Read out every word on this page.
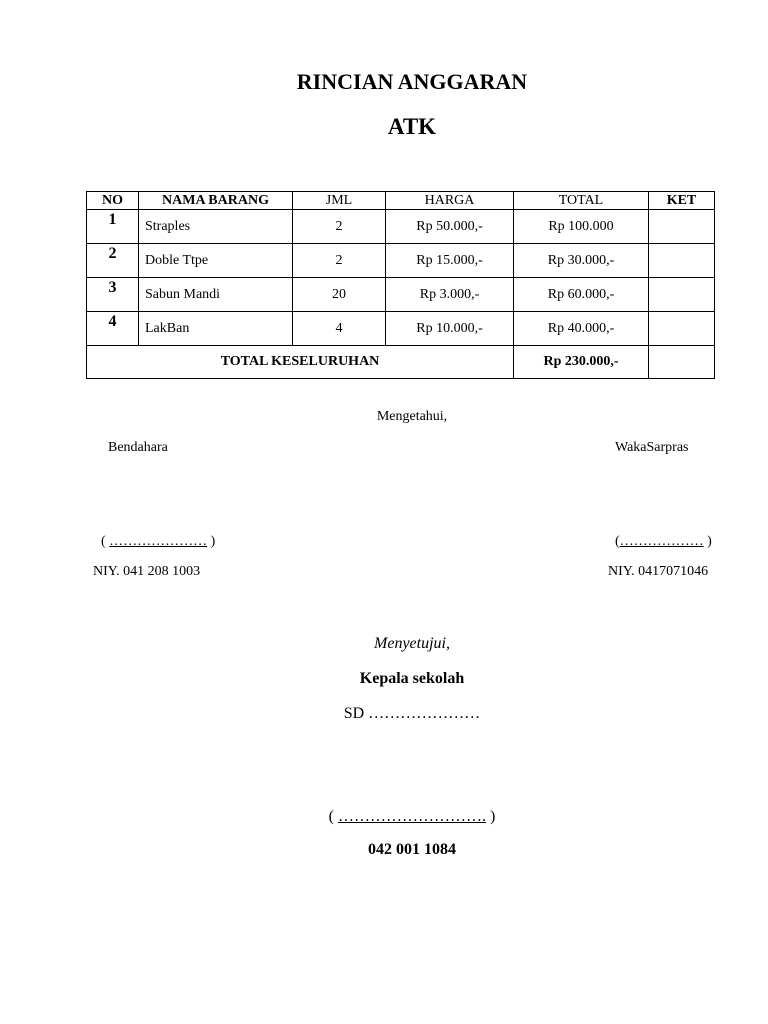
RINCIAN ANGGARAN
ATK
NO	NAMA BARANG	JML	HARGA	TOTAL	KET
1	Straples	2	Rp 50.000,-	Rp 100.000	
2	Doble Ttpe	2	Rp 15.000,-	Rp 30.000,-	
3	Sabun Mandi	20	Rp 3.000,-	Rp 60.000,-	
4	LakBan	4	Rp 10.000,-	Rp 40.000,-	
TOTAL KESELURUHAN				Rp 230.000,-	
Mengetahui,
Bendahara	WakaSarpras
( ………………… )	(……………… )
NIY. 041 208 1003	NIY. 0417071046
Menyetujui,
Kepala sekolah
SD …………………
( ………………………. )
042 001 1084
